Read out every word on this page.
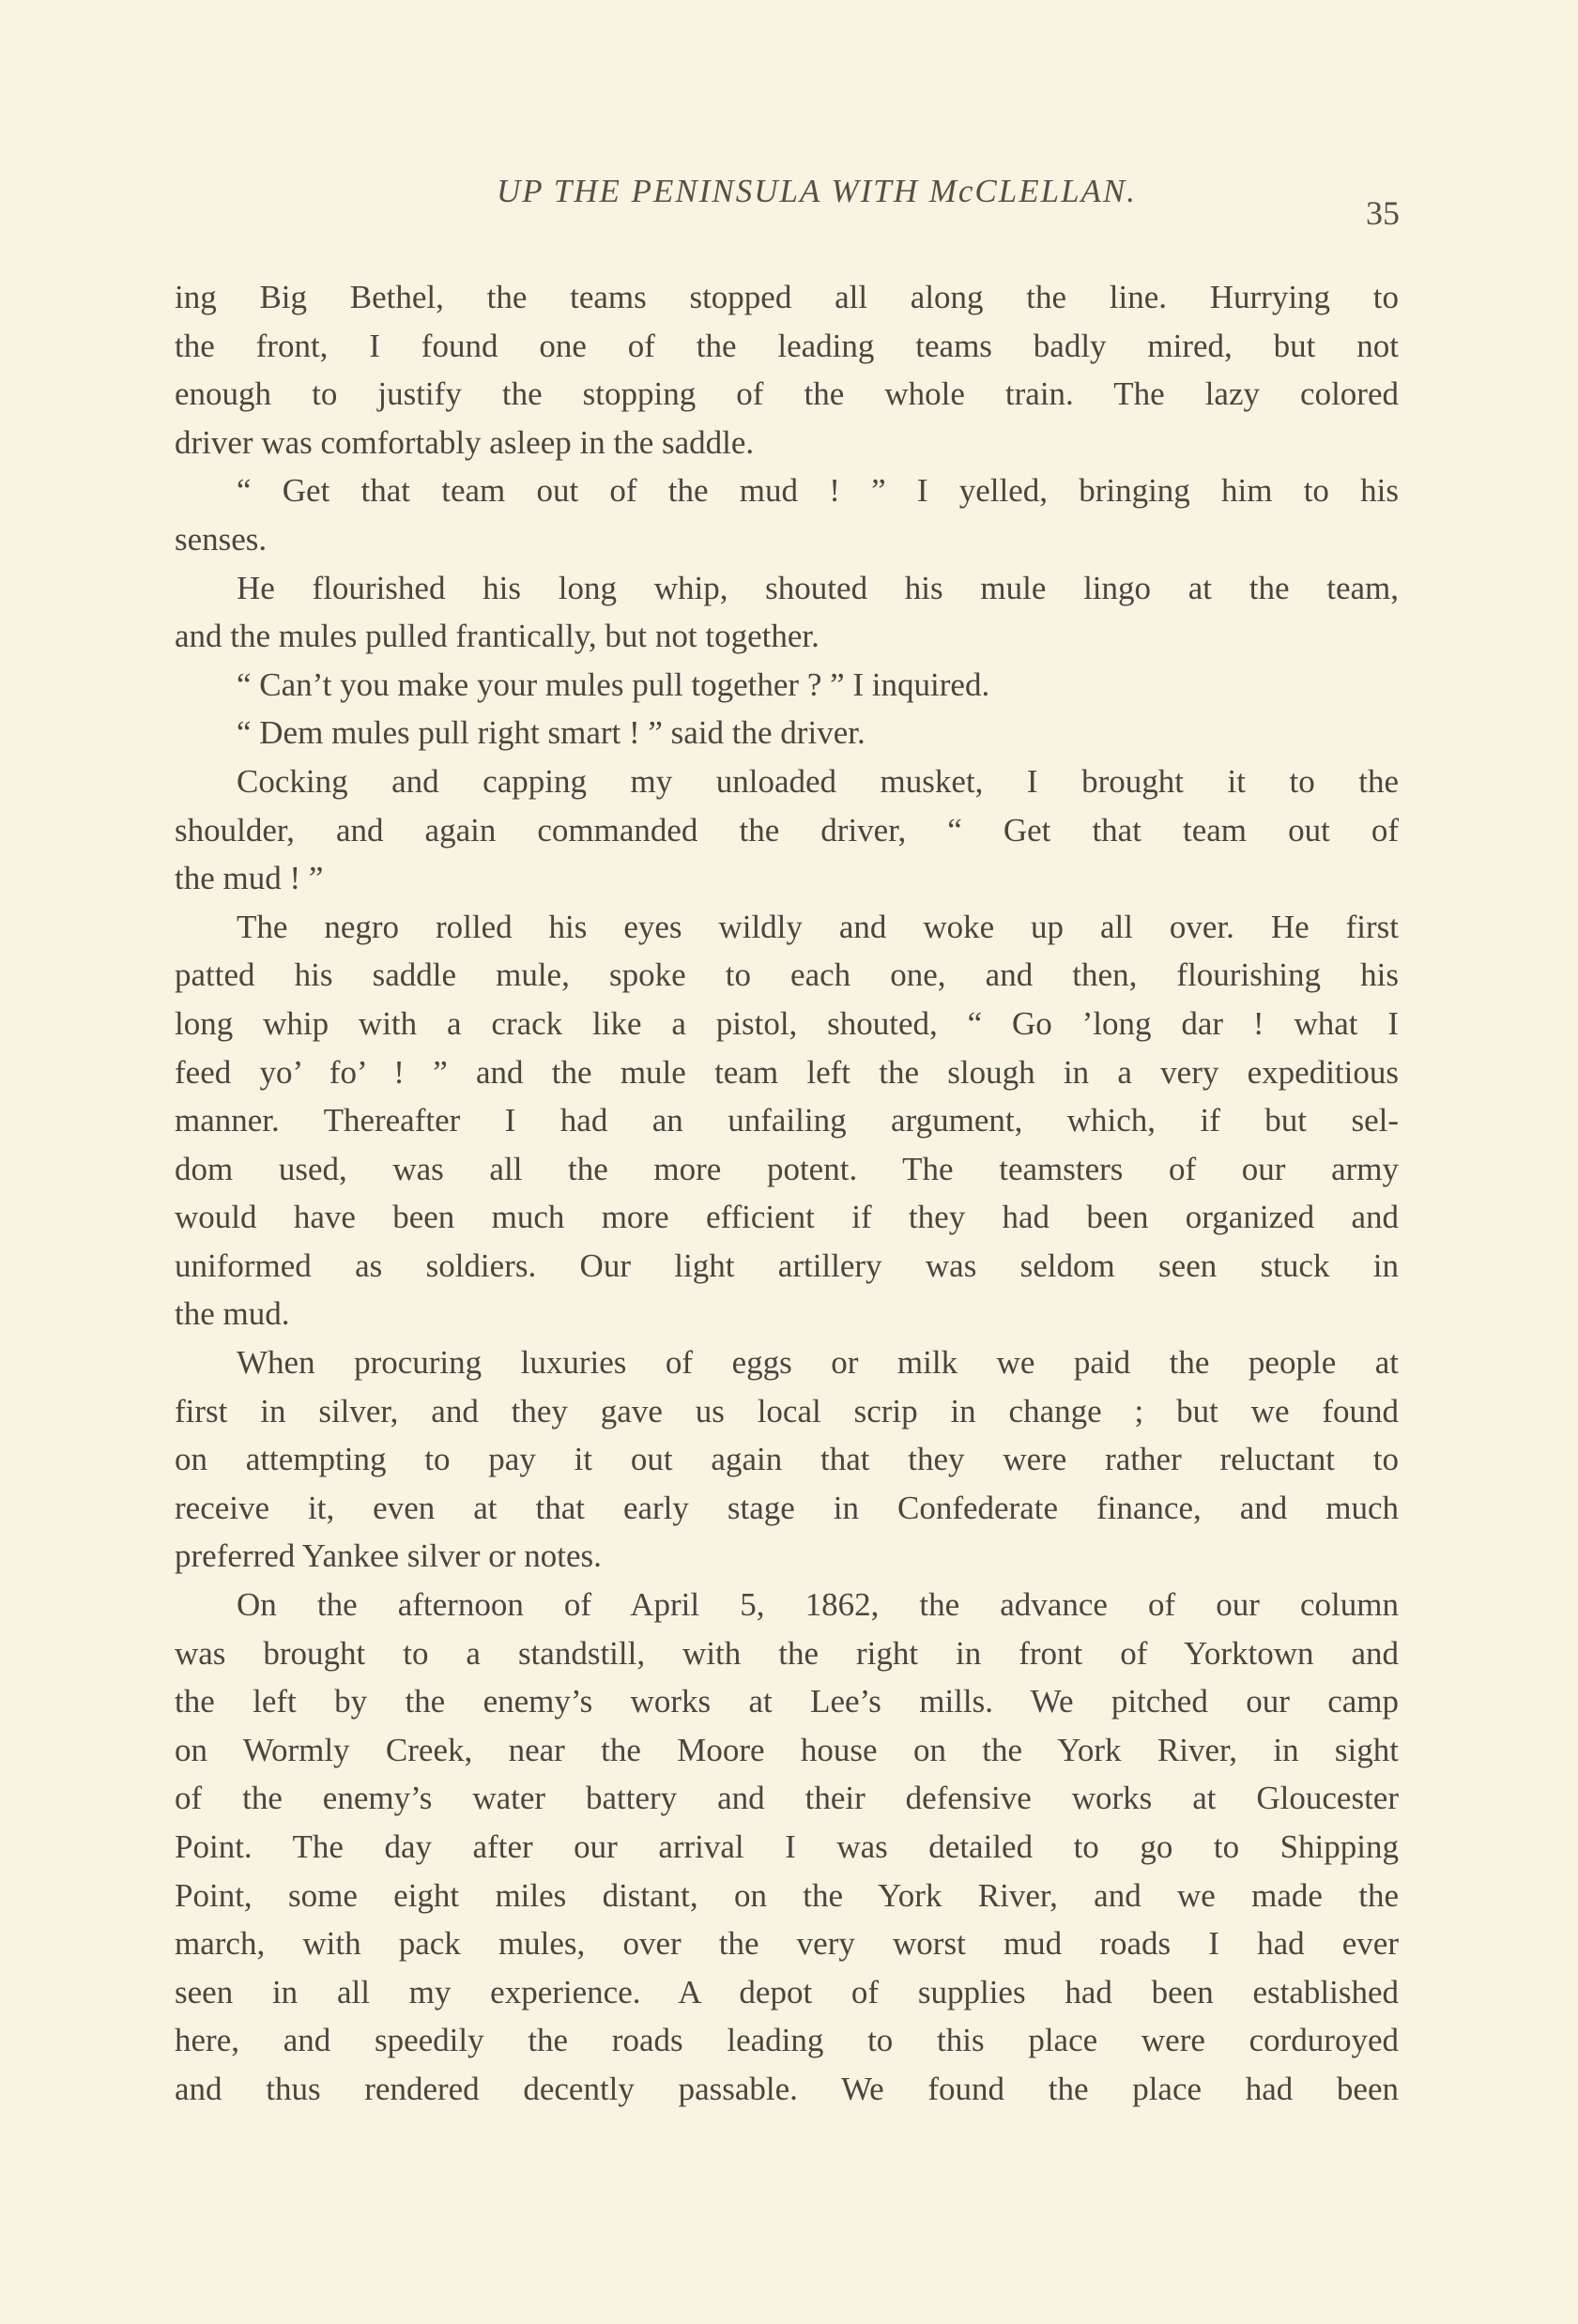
UP THE PENINSULA WITH McCLELLAN.
35
ing Big Bethel, the teams stopped all along the line. Hurrying to
the front, I found one of the leading teams badly mired, but not
enough to justify the stopping of the whole train. The lazy colored
driver was comfortably asleep in the saddle.
“ Get that team out of the mud ! ” I yelled, bringing him to his
senses.
He flourished his long whip, shouted his mule lingo at the team,
and the mules pulled frantically, but not together.
“ Can’t you make your mules pull together ? ” I inquired.
“ Dem mules pull right smart ! ” said the driver.
Cocking and capping my unloaded musket, I brought it to the
shoulder, and again commanded the driver, “ Get that team out of
the mud ! ”
The negro rolled his eyes wildly and woke up all over. He first
patted his saddle mule, spoke to each one, and then, flourishing his
long whip with a crack like a pistol, shouted, “ Go ’long dar ! what I
feed yo’ fo’ ! ” and the mule team left the slough in a very expeditious
manner. Thereafter I had an unfailing argument, which, if but sel-
dom used, was all the more potent. The teamsters of our army
would have been much more efficient if they had been organized and
uniformed as soldiers. Our light artillery was seldom seen stuck in
the mud.
When procuring luxuries of eggs or milk we paid the people at
first in silver, and they gave us local scrip in change ; but we found
on attempting to pay it out again that they were rather reluctant to
receive it, even at that early stage in Confederate finance, and much
preferred Yankee silver or notes.
On the afternoon of April 5, 1862, the advance of our column
was brought to a standstill, with the right in front of Yorktown and
the left by the enemy’s works at Lee’s mills. We pitched our camp
on Wormly Creek, near the Moore house on the York River, in sight
of the enemy’s water battery and their defensive works at Gloucester
Point. The day after our arrival I was detailed to go to Shipping
Point, some eight miles distant, on the York River, and we made the
march, with pack mules, over the very worst mud roads I had ever
seen in all my experience. A depot of supplies had been established
here, and speedily the roads leading to this place were corduroyed
and thus rendered decently passable. We found the place had been
